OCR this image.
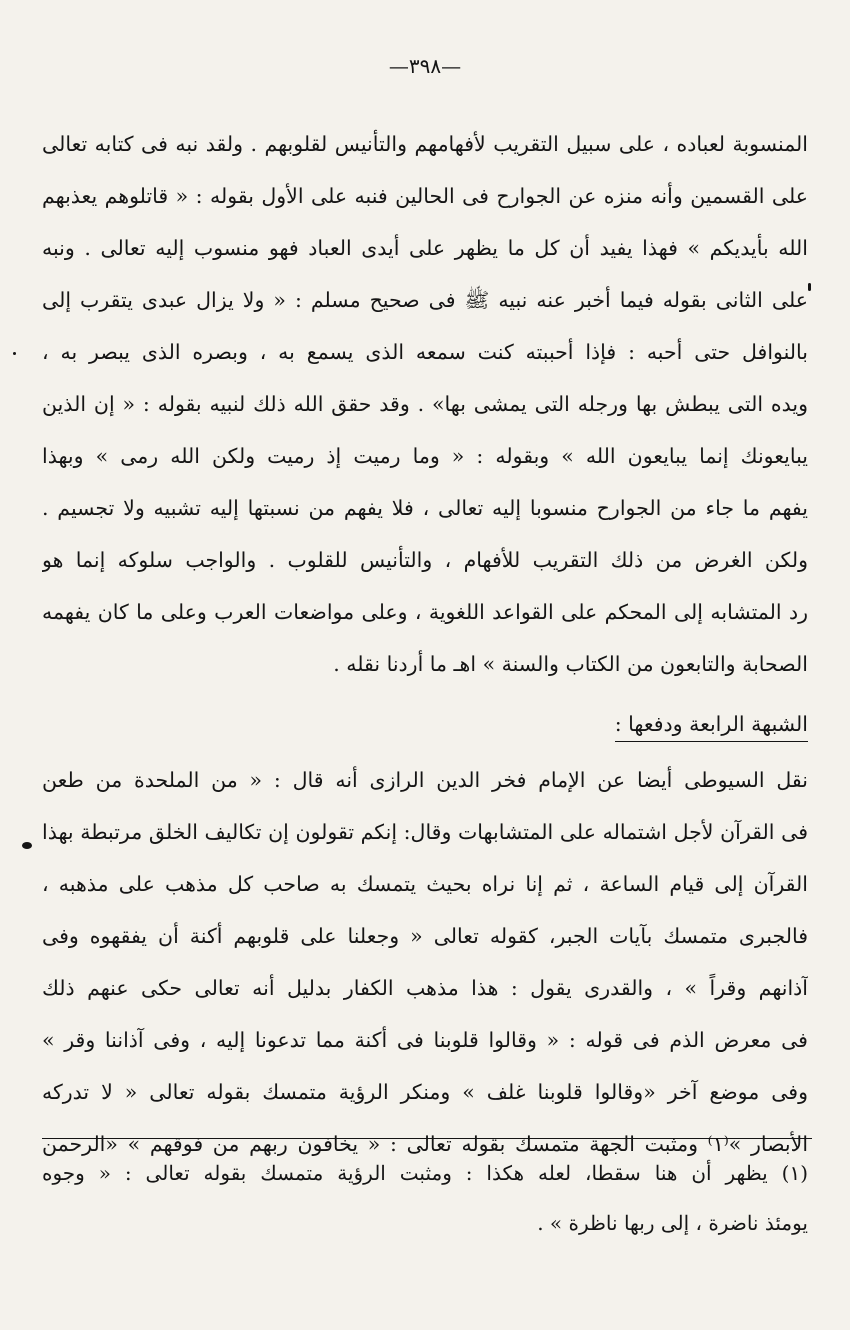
—٣٩٨—
المنسوبة لعباده ، على سبيل التقريب لأفهامهم والتأنيس لقلوبهم . ولقد نبه فى كتابه تعالى
على القسمين وأنه منزه عن الجوارح فى الحالين فنبه على الأول بقوله : « قاتلوهم يعذبهم
الله بأيديكم » فهذا يفيد أن كل ما يظهر على أيدى العباد فهو منسوب إليه تعالى . ونبه
على الثانى بقوله فيما أخبر عنه نبيه ﷺ فى صحيح مسلم : « ولا يزال عبدى يتقرب إلى
بالنوافل حتى أحبه : فإذا أحببته كنت سمعه الذى يسمع به ، وبصره الذى يبصر به ،
ويده التى يبطش بها ورجله التى يمشى بها» . وقد حقق الله ذلك لنبيه بقوله : « إن الذين
يبايعونك إنما يبايعون الله » وبقوله : « وما رميت إذ رميت ولكن الله رمى » وبهذا
يفهم ما جاء من الجوارح منسوبا إليه تعالى ، فلا يفهم من نسبتها إليه تشبيه ولا تجسيم .
ولكن الغرض من ذلك التقريب للأفهام ، والتأنيس للقلوب . والواجب سلوكه إنما هو
رد المتشابه إلى المحكم على القواعد اللغوية ، وعلى مواضعات العرب وعلى ما كان يفهمه
الصحابة والتابعون من الكتاب والسنة » اهـ ما أردنا نقله .
الشبهة الرابعة ودفعها :
نقل السيوطى أيضا عن الإمام فخر الدين الرازى أنه قال : « من الملحدة من طعن
فى القرآن لأجل اشتماله على المتشابهات وقال: إنكم تقولون إن تكاليف الخلق مرتبطة بهذا
القرآن إلى قيام الساعة ، ثم إنا نراه بحيث يتمسك به صاحب كل مذهب على مذهبه ،
فالجبرى متمسك بآيات الجبر، كقوله تعالى « وجعلنا على قلوبهم أكنة أن يفقهوه وفى
آذانهم وقراً » ، والقدرى يقول : هذا مذهب الكفار بدليل أنه تعالى حكى عنهم ذلك
فى معرض الذم فى قوله : « وقالوا قلوبنا فى أكنة مما تدعونا إليه ، وفى آذاننا وقر »
وفى موضع آخر «وقالوا قلوبنا غلف » ومنكر الرؤية متمسك بقوله تعالى « لا تدركه
الأبصار »⁽١⁾ ومثبت الجهة متمسك بقوله تعالى : « يخافون ربهم من فوقهم » «الرحمن
(١) يظهر أن هنا سقطا، لعله هكذا : ومثبت الرؤية متمسك بقوله تعالى : « وجوه
يومئذ ناضرة ، إلى ربها ناظرة » .
